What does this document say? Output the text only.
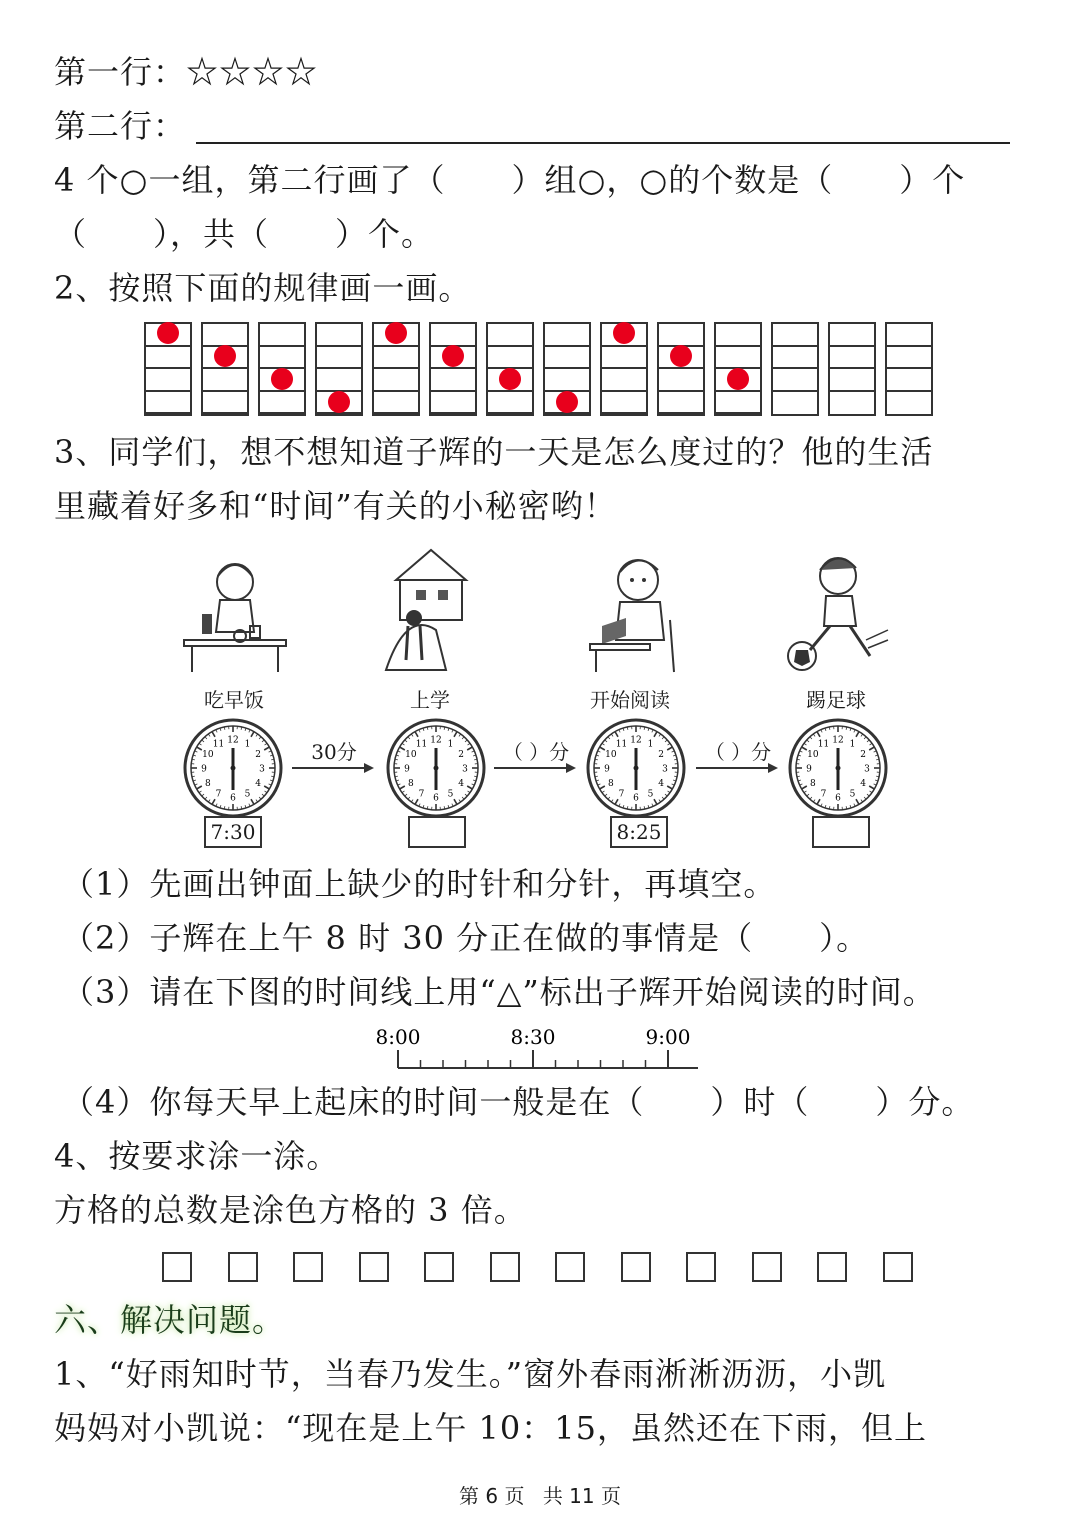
第一行：☆☆☆☆
第二行：
4 个○一组，第二行画了（　　）组○，○的个数是（　　）个
（　　），共（　　）个。
2、按照下面的规律画一画。
3、同学们，想不想知道子辉的一天是怎么度过的？他的生活
里藏着好多和“时间”有关的小秘密哟！
吃早饭	上学	开始阅读	踢足球
1
2
3
4
5
6
7
8
9
10
11 12	1
2
3
4
5
6
7
8
9
10
11 12	1
2
3
4
5
6
7
8
9
10
11 12	1
2
3
4
5
6
7
8
9
10
11 12
30分	（ ）分	（ ）分
7:30	8:25
（1）先画出钟面上缺少的时针和分针，再填空。
（2）子辉在上午 8 时 30 分正在做的事情是（　　）。
（3）请在下图的时间线上用“△”标出子辉开始阅读的时间。
8:00	8:30	9:00
（4）你每天早上起床的时间一般是在（　　）时（　　）分。
4、按要求涂一涂。
方格的总数是涂色方格的 3 倍。
六、解决问题。
1、“好雨知时节，当春乃发生。”窗外春雨淅淅沥沥，小凯
妈妈对小凯说：“现在是上午 10：15，虽然还在下雨，但上
第 6 页 共 11 页
